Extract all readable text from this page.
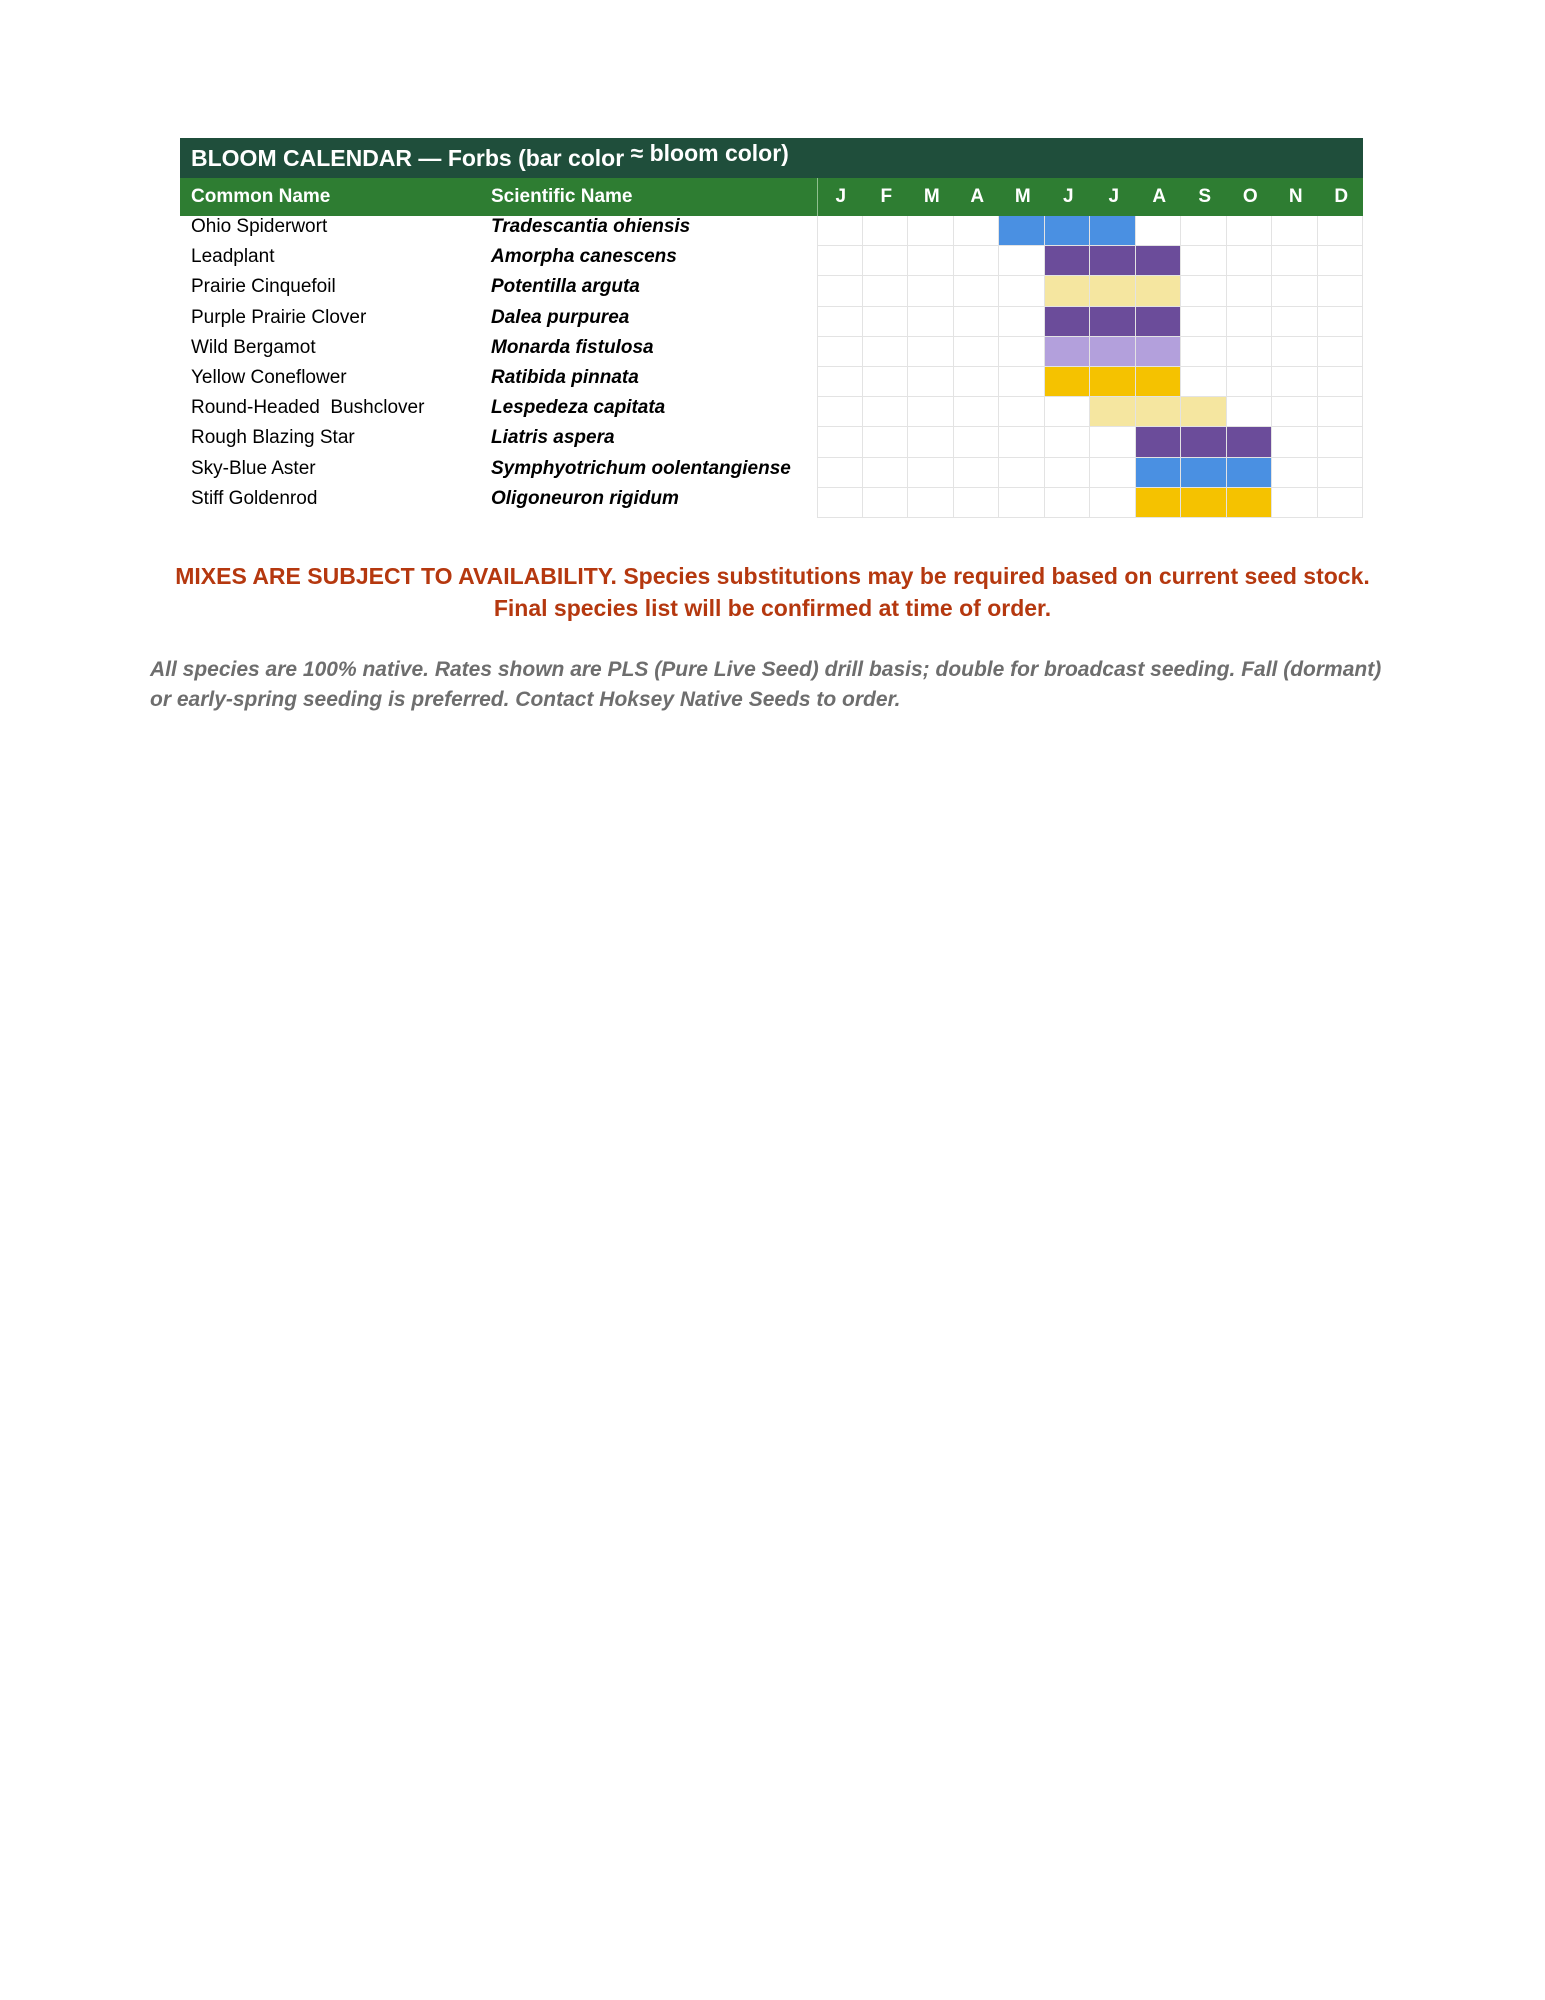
BLOOM CALENDAR — Forbs (bar color ≈ bloom color)
Common Name	Scientific Name	J	F	M	A	M	J	J	A	S	O	N	D
Ohio Spiderwort	Tradescantia ohiensis
Leadplant	Amorpha canescens
Prairie Cinquefoil	Potentilla arguta
Purple Prairie Clover	Dalea purpurea
Wild Bergamot	Monarda fistulosa
Yellow Coneflower	Ratibida pinnata
Round-Headed  Bushclover	Lespedeza capitata
Rough Blazing Star	Liatris aspera
Sky-Blue Aster	Symphyotrichum oolentangiense
Stiff Goldenrod	Oligoneuron rigidum
MIXES ARE SUBJECT TO AVAILABILITY. Species substitutions may be required based on current seed stock. Final species list will be confirmed at time of order.
All species are 100% native. Rates shown are PLS (Pure Live Seed) drill basis; double for broadcast seeding. Fall (dormant) or early-spring seeding is preferred. Contact Hoksey Native Seeds to order.
